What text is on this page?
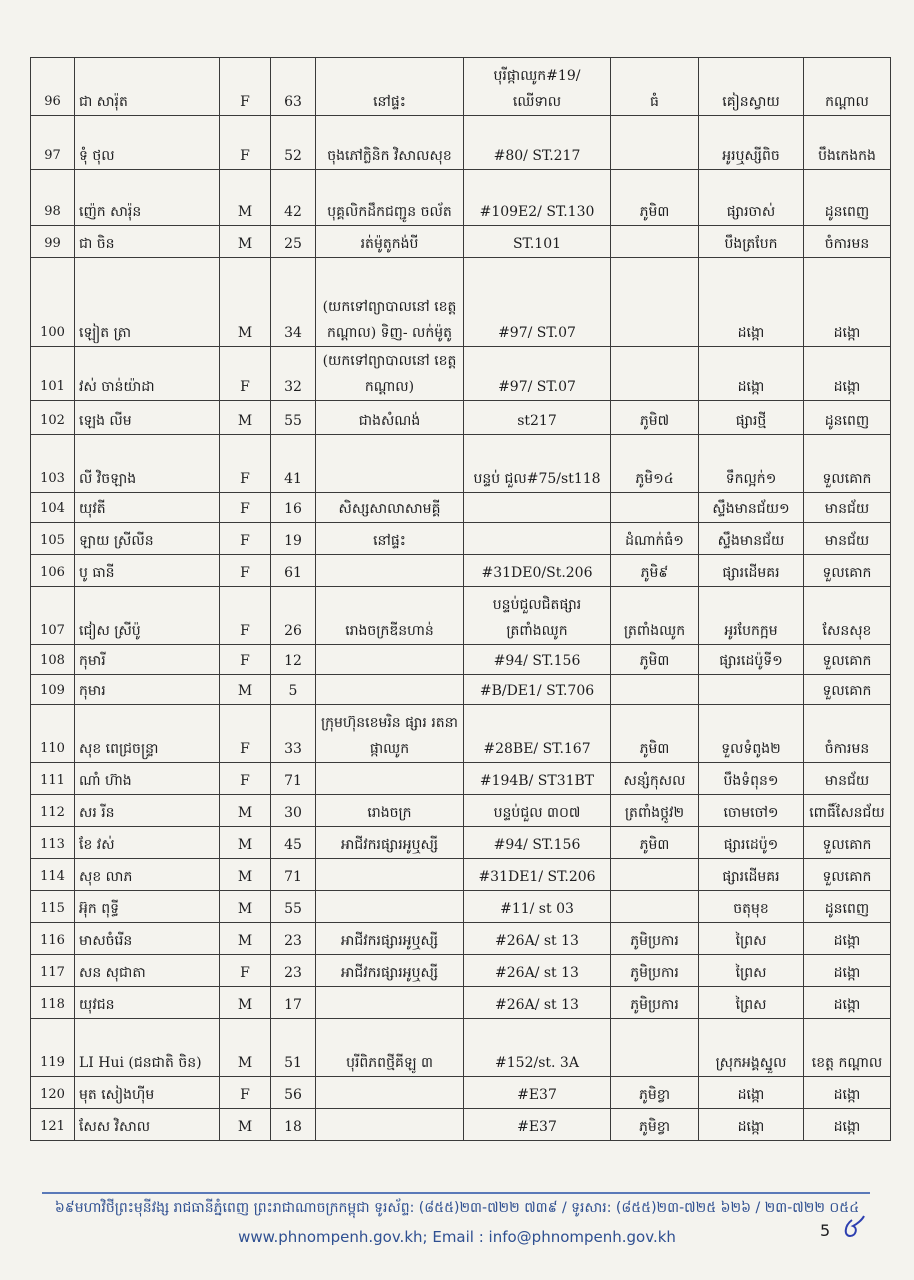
96	ជា សារ៉ុត	F	63	នៅផ្ទះ	បុរីផ្កាឈូក#19/ ឈើទាល	ធំ	គៀនស្វាយ	កណ្ដាល
97	ទុំ ថុល	F	52	ចុងភៅក្លិនិក វិសាលសុខ	#80/ ST.217		អូរឬស្សីពិច	បឹងកេងកង
98	ញ៉េក សារ៉ុន	M	42	បុគ្គលិកដឹកជញ្ជូន ចល័ត	#109E2/ ST.130	ភូមិ៣	ផ្សារចាស់	ដូនពេញ
99	ជា ចិន	M	25	រត់ម៉ូតូកង់បី	ST.101		បឹងត្របែក	ចំការមន
100	ឡៀត ត្រា	M	34	(យកទៅព្យាបាលនៅ ខេត្តកណ្ដាល) ទិញ- លក់ម៉ូតូ	#97/ ST.07		ដង្កោ	ដង្កោ
101	វស់ ចាន់យ៉ាដា	F	32	(យកទៅព្យាបាលនៅ ខេត្តកណ្ដាល)	#97/ ST.07		ដង្កោ	ដង្កោ
102	ឡេង លីម	M	55	ជាងសំណង់	st217	ភូមិ៧	ផ្សារថ្មី	ដូនពេញ
103	លី វិចឡាង	F	41		បន្ទប់ ជួល#75/st118	ភូមិ១៤	ទឹកល្អក់១	ទួលគោក
104	យុវតី	F	16	សិស្សសាលាសាមគ្គី			ស្ទឹងមានជ័យ១	មានជ័យ
105	ឡាយ ស្រីលីន	F	19	នៅផ្ទះ		ដំណាក់ធំ១	ស្ទឹងមានជ័យ	មានជ័យ
106	បូ ធានី	F	61		#31DE0/St.206	ភូមិ៩	ផ្សារដើមគរ	ទួលគោក
107	ជៀស ស្រីប៉ូ	F	26	រោងចក្រឌីនហាន់	បន្ទប់ជួលជិតផ្សារ ត្រពាំងឈូក	ត្រពាំងឈូក	អូរបែកក្អម	សែនសុខ
108	កុមារី	F	12		#94/ ST.156	ភូមិ៣	ផ្សារដេប៉ូទី១	ទួលគោក
109	កុមារ	M	5		#B/DE1/ ST.706			ទួលគោក
110	សុខ ពេជ្រចន្ទ្រា	F	33	ក្រុមហ៊ុនខេមរិន ផ្សារ រតនាផ្កាឈូក	#28BE/ ST.167	ភូមិ៣	ទួលទំពូង២	ចំការមន
111	ណាំ ហ៊ាង	F	71		#194B/ ST31BT	សន្សំកុសល	បឹងទំពុន១	មានជ័យ
112	សរ រីន	M	30	រោងចក្រ	បន្ទប់ជួល ៣០៧	ត្រពាំងថ្កូវ២	ចោមចៅ១	ពោធិ៍សែនជ័យ
113	ខែ វស់	M	45	អាជីវករផ្សារអូឬស្សី	#94/ ST.156	ភូមិ៣	ផ្សារដេប៉ូ១	ទួលគោក
114	សុខ លាភ	M	71		#31DE1/ ST.206		ផ្សារដើមគរ	ទួលគោក
115	អ៊ុក ពុទ្ធី	M	55		#11/ st 03		ចតុមុខ	ដូនពេញ
116	មាសចំរើន	M	23	អាជីវករផ្សារអូឬស្សី	#26A/ st 13	ភូមិប្រការ	ព្រៃស	ដង្កោ
117	សន សុជាតា	F	23	អាជីវករផ្សារអូឬស្សី	#26A/ st 13	ភូមិប្រការ	ព្រៃស	ដង្កោ
118	យុវជន	M	17		#26A/ st 13	ភូមិប្រការ	ព្រៃស	ដង្កោ
119	LI Hui (ជនជាតិ ចិន)	M	51	បុរីពិភពថ្មីគីឡូ ៣	#152/st. 3A		ស្រុកអង្គស្នួល	ខេត្ត កណ្ដាល
120	មុត សៀងហ៊ីម	F	56		#E37	ភូមិខ្វា	ដង្កោ	ដង្កោ
121	សែស វិសាល	M	18		#E37	ភូមិខ្វា	ដង្កោ	ដង្កោ
៦៩មហាវិថីព្រះមុនីវង្ស រាជធានីភ្នំពេញ ព្រះរាជាណាចក្រកម្ពុជា ទូរស័ព្ទ: (៨៥៥)២៣-៧២២ ៧៣៩ / ទូរសារ: (៨៥៥)២៣-៧២៥ ៦២៦ / ២៣-៧២២ ០៥៤
www.phnompenh.gov.kh; Email : info@phnompenh.gov.kh	5
